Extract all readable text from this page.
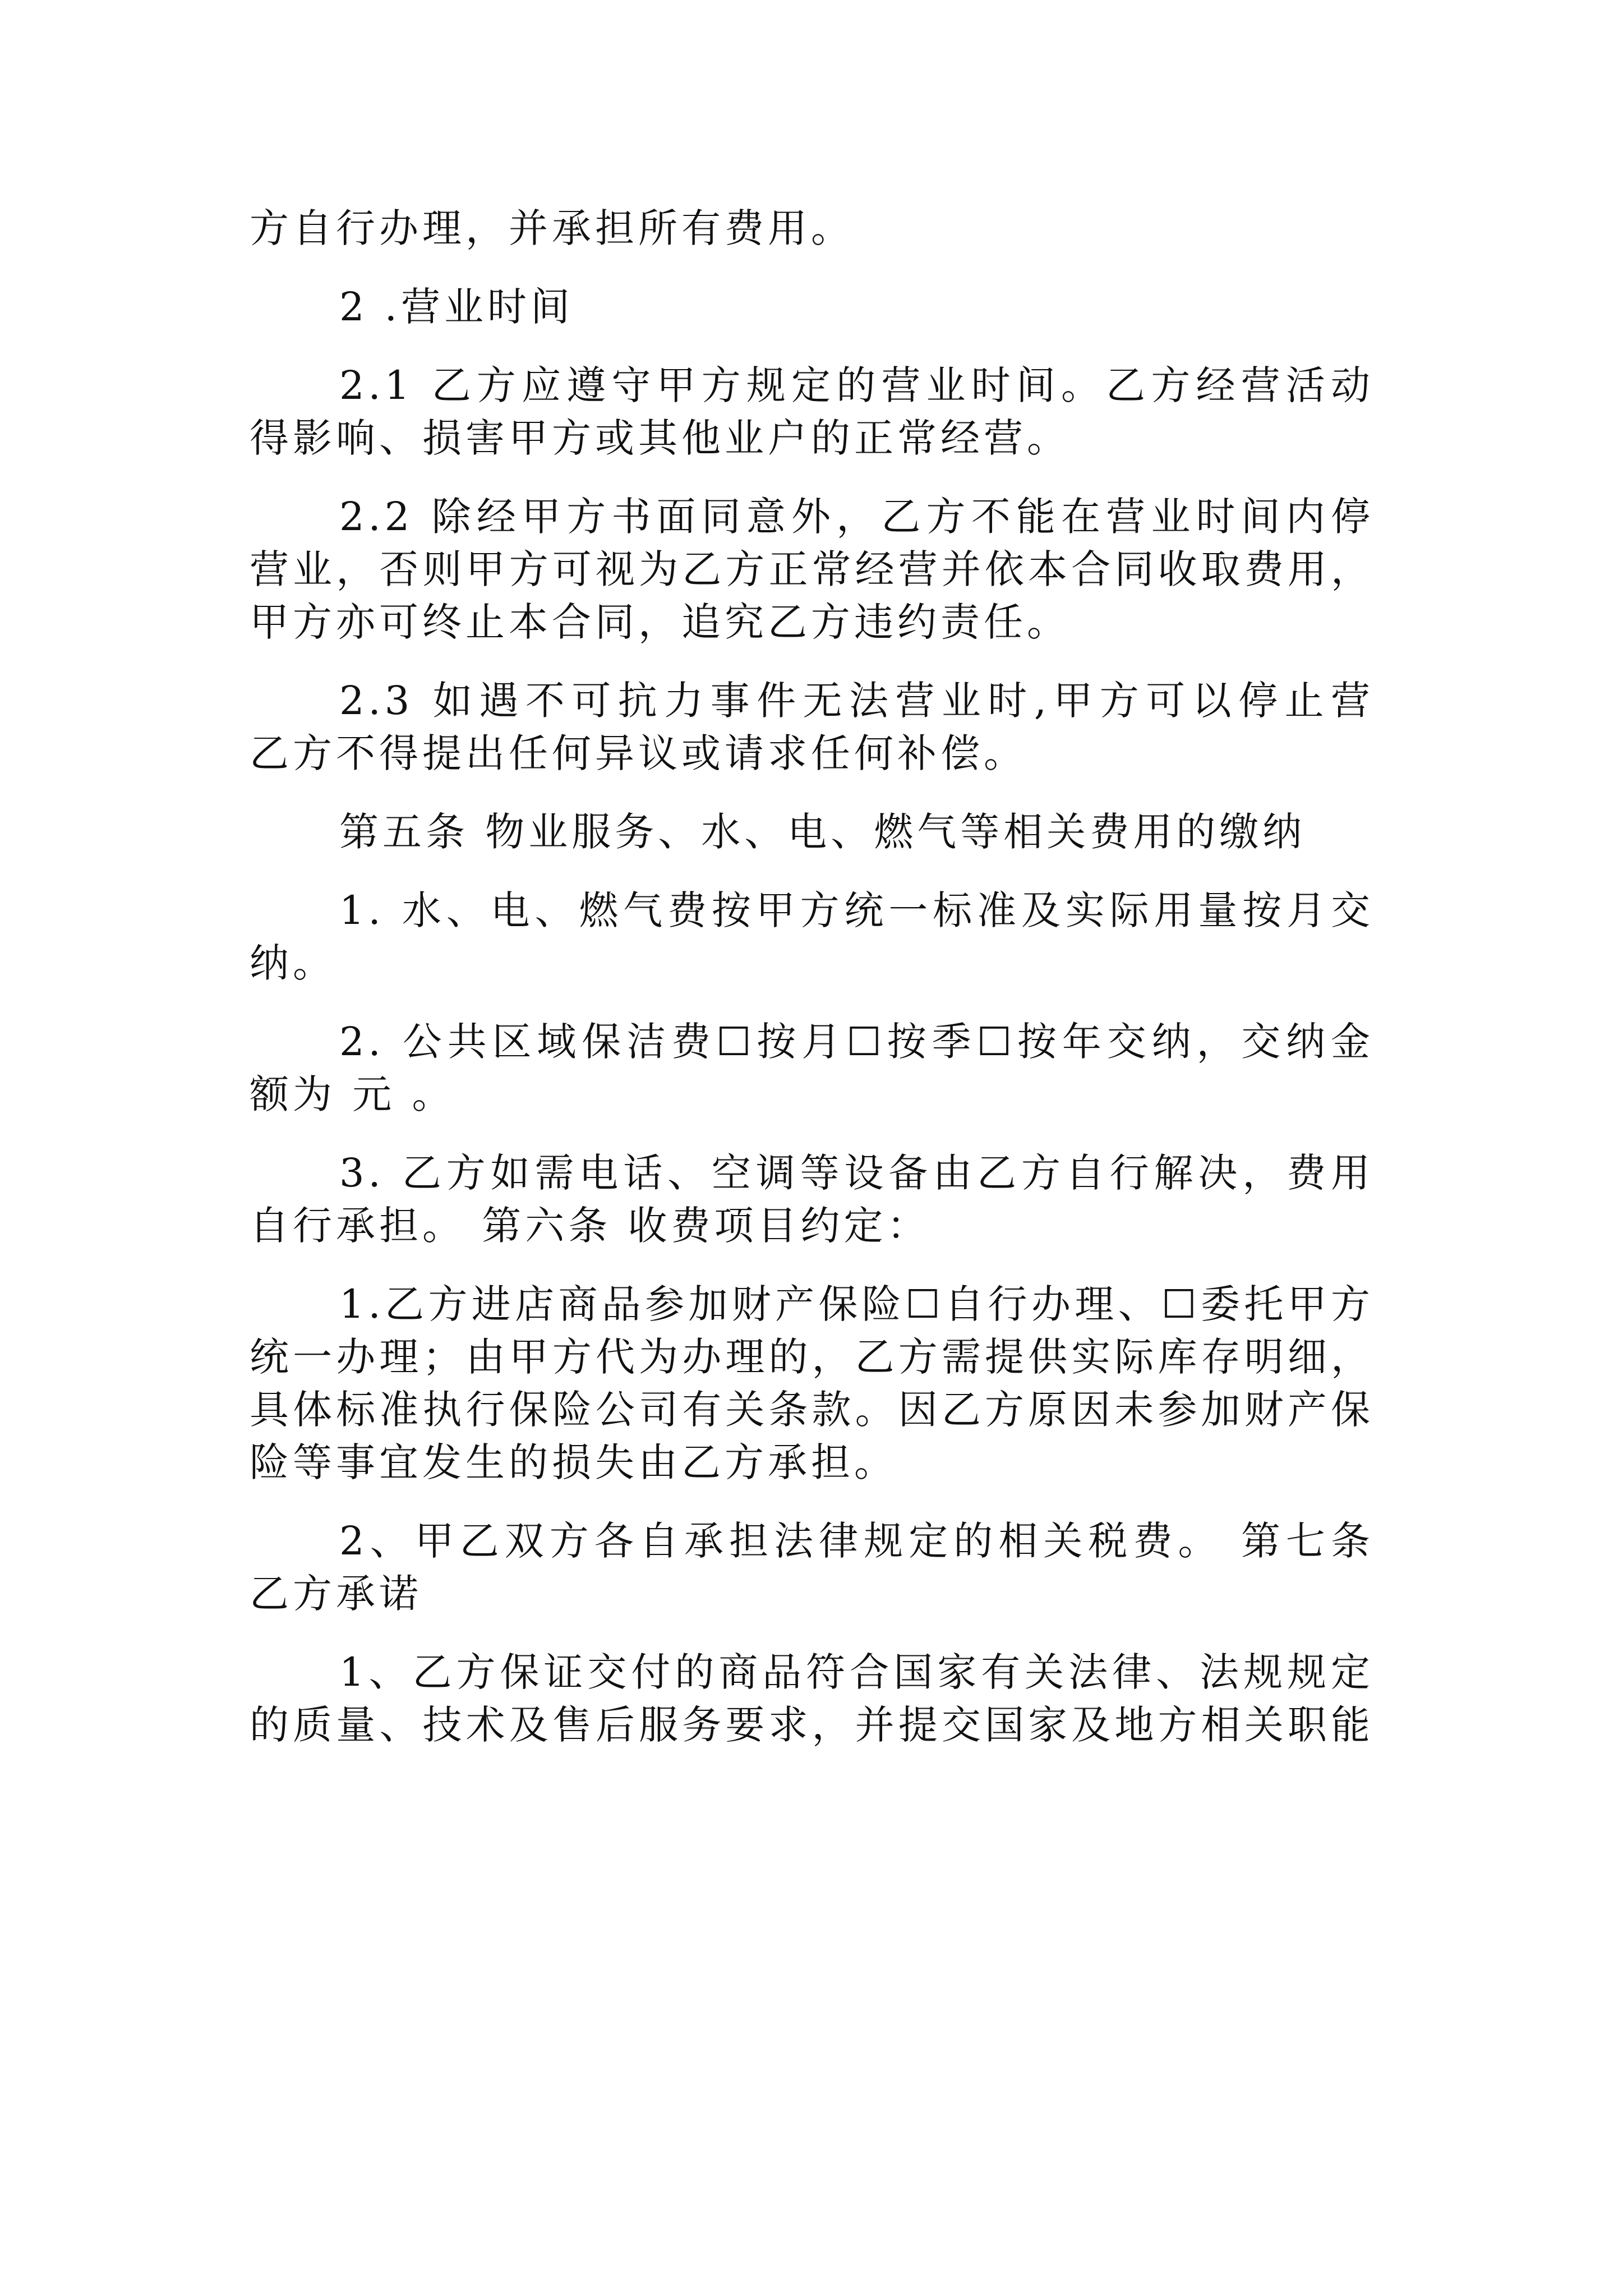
方自行办理，并承担所有费用。
2 .营业时间
2.1 乙方应遵守甲方规定的营业时间。乙方经营活动
得影响、损害甲方或其他业户的正常经营。
2.2 除经甲方书面同意外，乙方不能在营业时间内停
营业，否则甲方可视为乙方正常经营并依本合同收取费用，
甲方亦可终止本合同，追究乙方违约责任。
2.3 如遇不可抗力事件无法营业时,甲方可以停止营
乙方不得提出任何异议或请求任何补偿。
第五条 物业服务、水、电、燃气等相关费用的缴纳
1. 水、电、燃气费按甲方统一标准及实际用量按月交
纳。
2. 公共区域保洁费☐按月☐按季☐按年交纳，交纳金
额为 元 。
3. 乙方如需电话、空调等设备由乙方自行解决，费用
自行承担。 第六条 收费项目约定：
1.乙方进店商品参加财产保险☐自行办理、☐委托甲方
统一办理；由甲方代为办理的，乙方需提供实际库存明细，
具体标准执行保险公司有关条款。因乙方原因未参加财产保
险等事宜发生的损失由乙方承担。
2、甲乙双方各自承担法律规定的相关税费。 第七条
乙方承诺
1、乙方保证交付的商品符合国家有关法律、法规规定
的质量、技术及售后服务要求，并提交国家及地方相关职能
